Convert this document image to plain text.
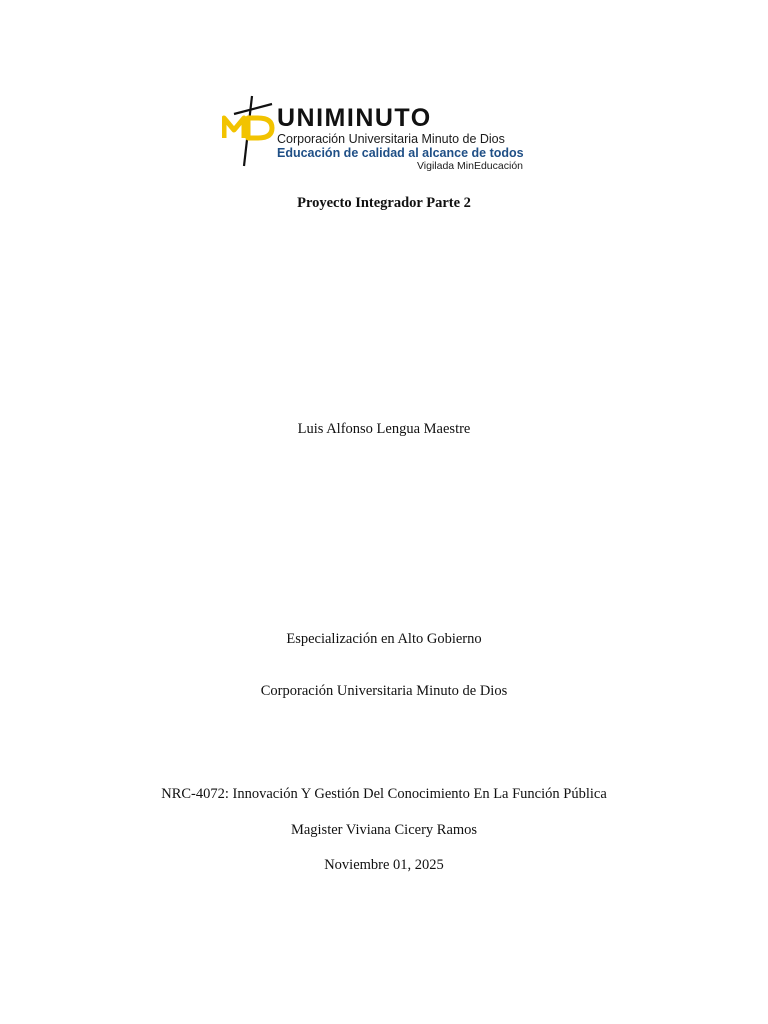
UNIMINUTO
Corporación Universitaria Minuto de Dios
Educación de calidad al alcance de todos
Vigilada MinEducación
Proyecto Integrador Parte 2
Luis Alfonso Lengua Maestre
Especialización en Alto Gobierno
Corporación Universitaria Minuto de Dios
NRC-4072: Innovación Y Gestión Del Conocimiento En La Función Pública
Magister Viviana Cicery Ramos
Noviembre 01, 2025
